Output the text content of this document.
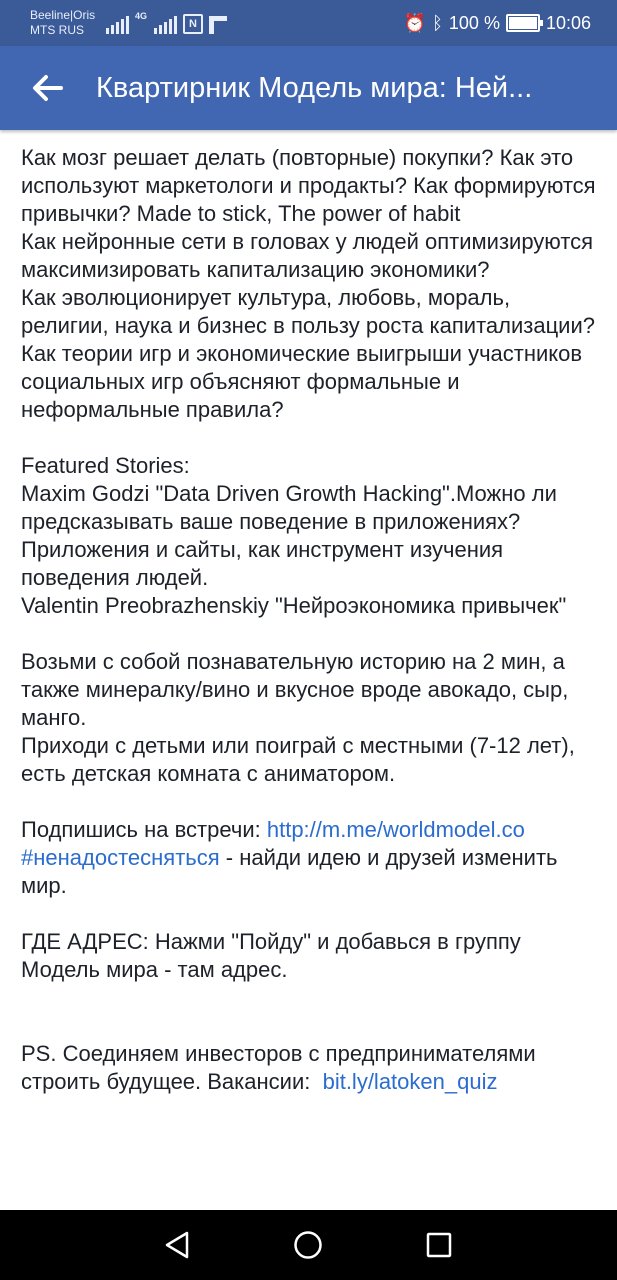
Beeline|Oris
MTS RUS
4G
N	⏰ ᛒ 100 %	10:06
Квартирник Модель мира: Ней...
Как мозг решает делать (повторные) покупки? Как это используют маркетологи и продакты? Как формируются привычки? Made to stick, The power of habit
Как нейронные сети в головах у людей оптимизируются  максимизировать капитализацию экономики?
Как эволюционирует культура, любовь, мораль, религии, наука и бизнес в пользу роста капитализации?
Как теории игр и экономические выигрыши участников социальных игр объясняют формальные и неформальные правила?

Featured Stories:
Maxim Godzi "Data Driven Growth Hacking".Можно ли предсказывать ваше поведение в приложениях? Приложения и сайты, как инструмент изучения поведения людей.
Valentin Preobrazhenskiy "Нейроэкономика привычек"

Возьми с собой познавательную историю на 2 мин, а также минералку/вино и вкусное вроде авокадо, сыр, манго.
Приходи с детьми или поиграй с местными (7-12 лет), есть детская комната с аниматором.

Подпишись на встречи: http://m.me/worldmodel.co #ненадостесняться - найди идею и друзей изменить мир.

ГДЕ АДРЕС: Нажми "Пойду" и добавься в группу Модель мира - там адрес.

PS. Соединяем инвесторов с предпринимателями строить будущее. Вакансии:  bit.ly/latoken_quiz
